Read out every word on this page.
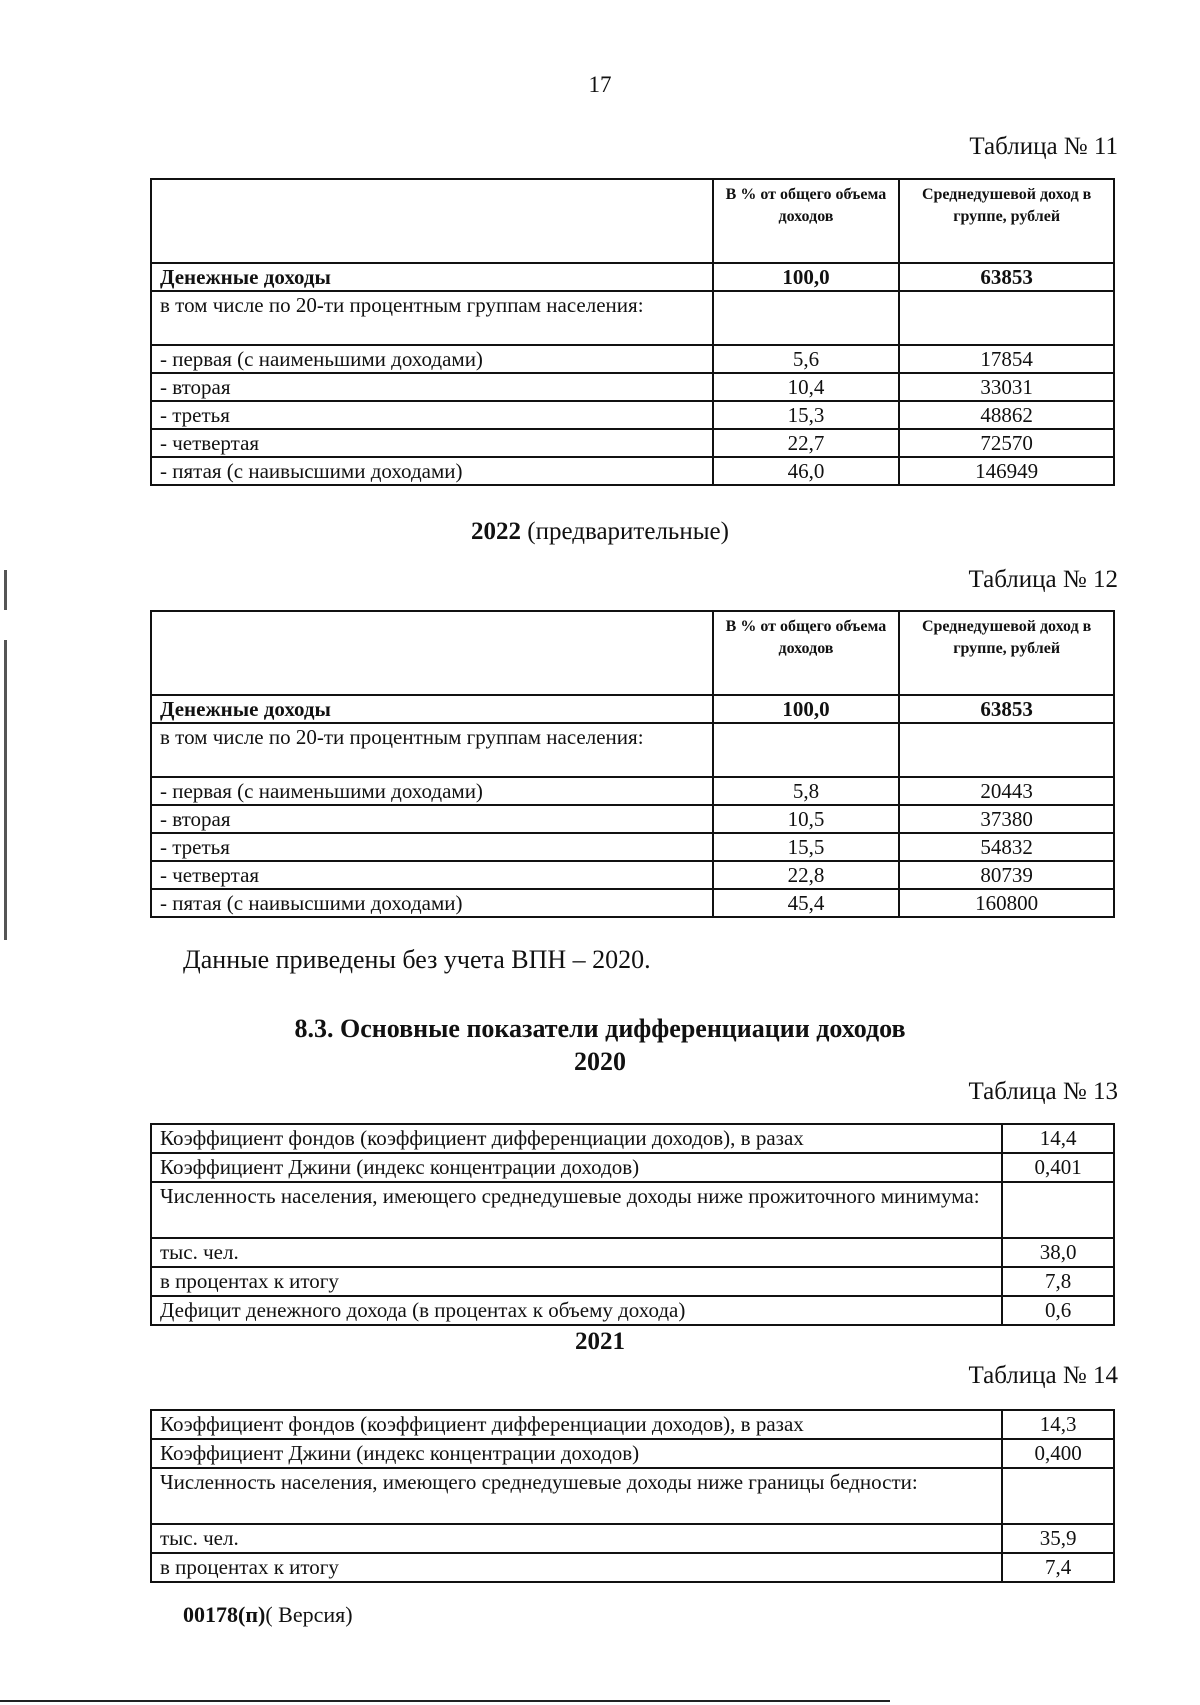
17
Таблица № 11
	В % от общего объема доходов	Среднедушевой доход в группе, рублей
Денежные доходы	100,0	63853
в том числе по 20-ти процентным группам населения:		
- первая (с наименьшими доходами)	5,6	17854
- вторая	10,4	33031
- третья	15,3	48862
- четвертая	22,7	72570
- пятая (с наивысшими доходами)	46,0	146949
2022 (предварительные)
Таблица № 12
	В % от общего объема доходов	Среднедушевой доход в группе, рублей
Денежные доходы	100,0	63853
в том числе по 20-ти процентным группам населения:		
- первая (с наименьшими доходами)	5,8	20443
- вторая	10,5	37380
- третья	15,5	54832
- четвертая	22,8	80739
- пятая (с наивысшими доходами)	45,4	160800
Данные приведены без учета ВПН – 2020.
8.3. Основные показатели дифференциации доходов
2020
Таблица № 13
Коэффициент фондов (коэффициент дифференциации доходов), в разах	14,4
Коэффициент Джини (индекс концентрации доходов)	0,401
Численность населения, имеющего среднедушевые доходы ниже прожиточного минимума:	
тыс. чел.	38,0
в процентах к итогу	7,8
Дефицит денежного дохода (в процентах к объему дохода)	0,6
2021
Таблица № 14
Коэффициент фондов (коэффициент дифференциации доходов), в разах	14,3
Коэффициент Джини (индекс концентрации доходов)	0,400
Численность населения, имеющего среднедушевые доходы ниже границы бедности:	
тыс. чел.	35,9
в процентах к итогу	7,4
00178(п)( Версия)
